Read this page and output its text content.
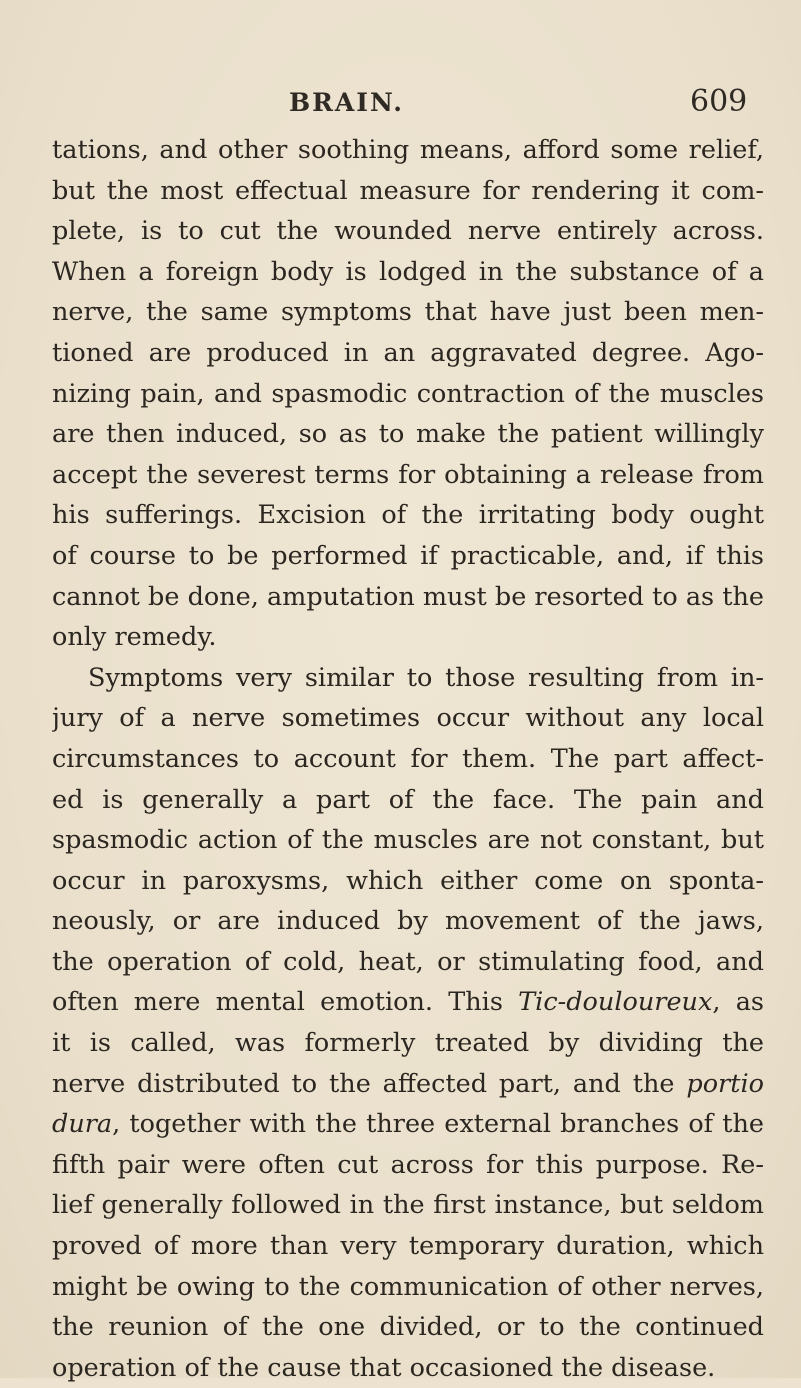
BRAIN.	609
tations, and other soothing means, afford some relief,
but the most effectual measure for rendering it com-
plete, is to cut the wounded nerve entirely across.
When a foreign body is lodged in the substance of a
nerve, the same symptoms that have just been men-
tioned are produced in an aggravated degree. Ago-
nizing pain, and spasmodic contraction of the muscles
are then induced, so as to make the patient willingly
accept the severest terms for obtaining a release from
his sufferings. Excision of the irritating body ought
of course to be performed if practicable, and, if this
cannot be done, amputation must be resorted to as the
only remedy.
Symptoms very similar to those resulting from in-
jury of a nerve sometimes occur without any local
circumstances to account for them. The part affect-
ed is generally a part of the face. The pain and
spasmodic action of the muscles are not constant, but
occur in paroxysms, which either come on sponta-
neously, or are induced by movement of the jaws,
the operation of cold, heat, or stimulating food, and
often mere mental emotion. This Tic-douloureux, as
it is called, was formerly treated by dividing the
nerve distributed to the affected part, and the portio
dura, together with the three external branches of the
fifth pair were often cut across for this purpose. Re-
lief generally followed in the first instance, but seldom
proved of more than very temporary duration, which
might be owing to the communication of other nerves,
the reunion of the one divided, or to the continued
operation of the cause that occasioned the disease.
